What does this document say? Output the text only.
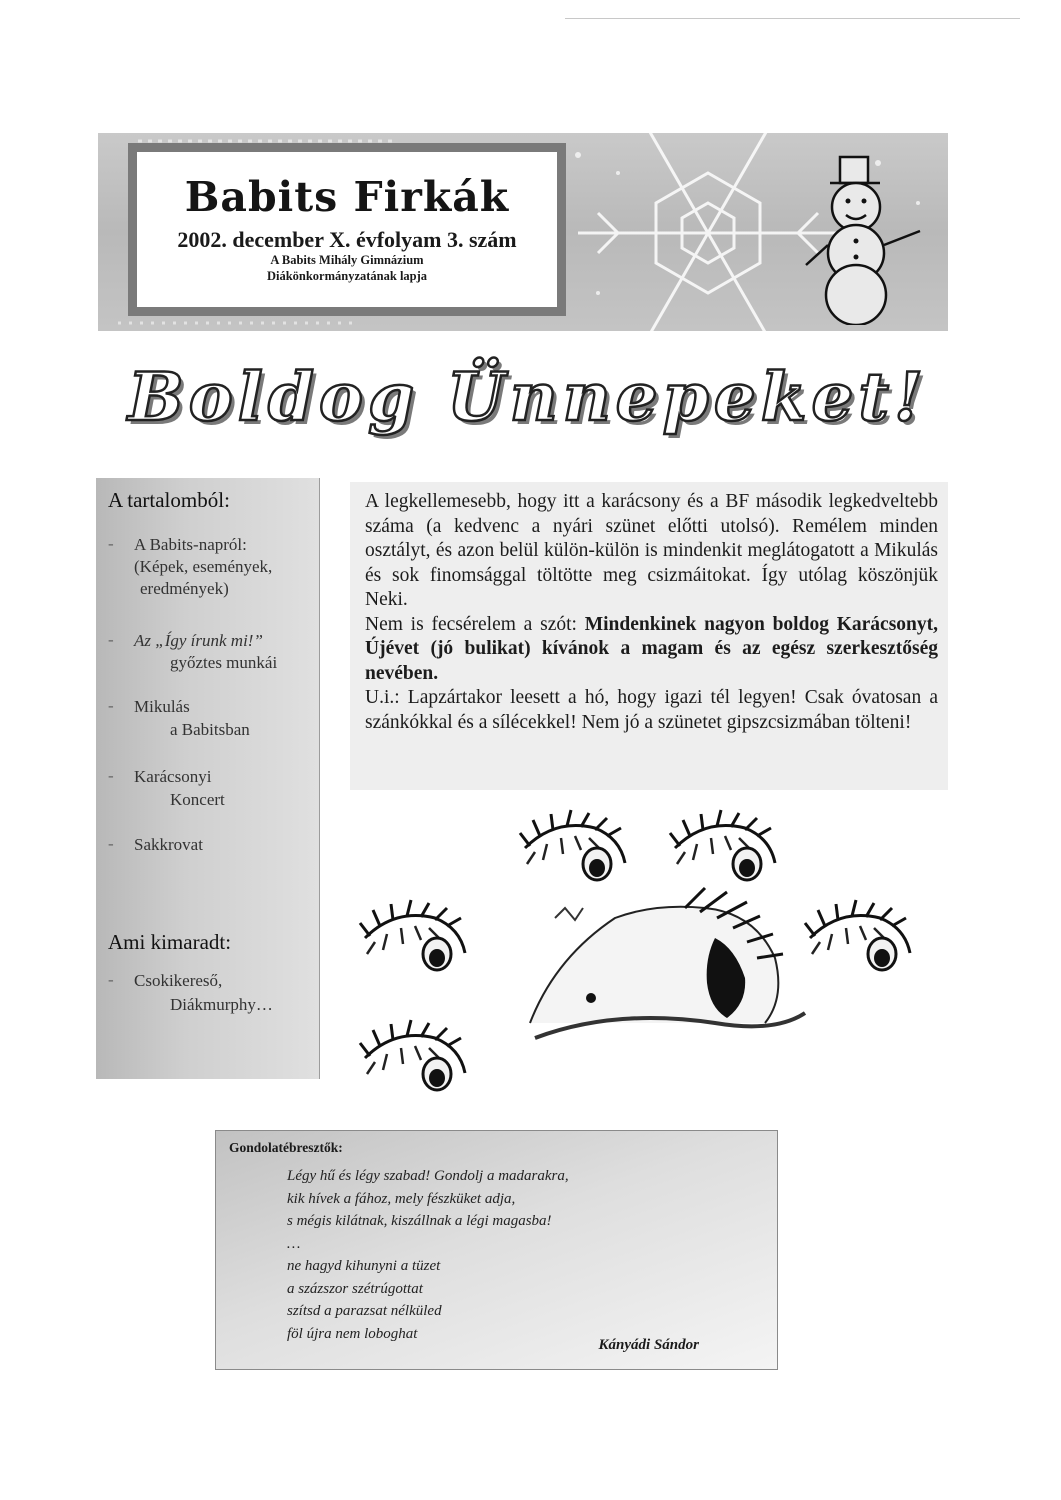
Babits Firkák
2002. december X. évfolyam 3. szám
A Babits Mihály Gimnázium
Diákönkormányzatának lapja
Boldog Ünnepeket!
A tartalomból:
- A Babits-napról:
(Képek, események,
eredmények)
- Az „Így írunk mi!”
győztes munkái
- Mikulás
a Babitsban
- Karácsonyi
Koncert
- Sakkrovat
Ami kimaradt:
- Csokikereső,
Diákmurphy…

A legkellemesebb, hogy itt a karácsony és a BF második legkedveltebb száma (a kedvenc a nyári szünet előtti utolsó). Remélem minden osztályt, és azon belül külön-külön is mindenkit meglátogatott a Mikulás és sok finomsággal töltötte meg csizmáitokat. Így utólag köszönjük Neki.

Nem is fecsérelem a szót: Mindenkinek nagyon boldog Karácsonyt, Újévet (jó bulikat) kívánok a magam és az egész szerkesztőség nevében.

U.i.: Lapzártakor leesett a hó, hogy igazi tél legyen! Csak óvatosan a szánkókkal és a sílécekkel! Nem jó a szünetet gipszcsizmában tölteni!

Gondolatébresztők:
Légy hű és légy szabad! Gondolj a madarakra,
kik hívek a fához, mely fészküket adja,
s mégis kilátnak, kiszállnak a légi magasba!
…
ne hagyd kihunyni a tüzet
a százszor szétrúgottat
szítsd a parazsat nélküled
föl újra nem loboghat
Kányádi Sándor
